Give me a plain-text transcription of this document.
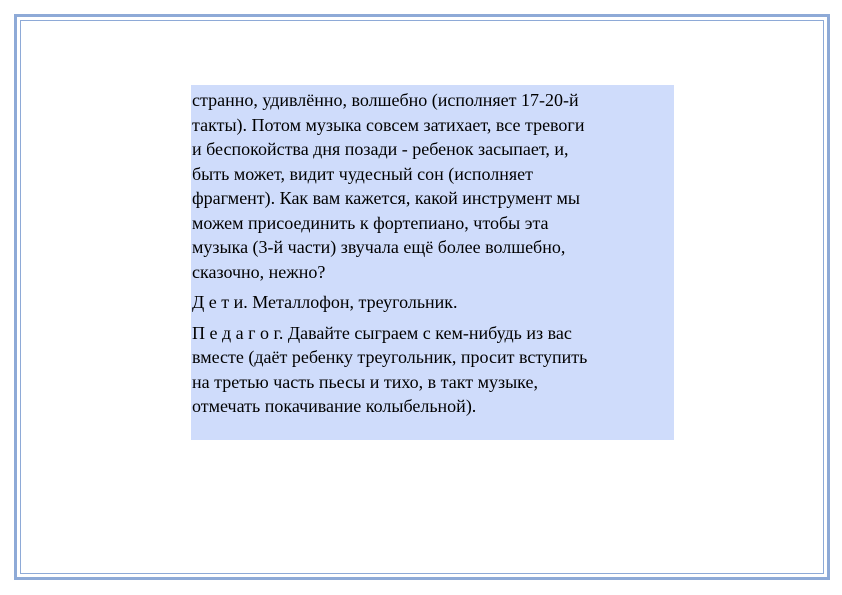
странно, удивлённо, волшебно (исполняет 17-20-й
такты). Потом музыка совсем затихает, все тревоги
и беспокойства дня позади - ребенок засыпает, и,
быть может, видит чудесный сон (исполняет
фрагмент). Как вам кажется, какой инструмент мы
можем присоединить к фортепиано, чтобы эта
музыка (3-й части) звучала ещё более волшебно,
сказочно, нежно?

Д е т и. Металлофон, треугольник.

П е д а г о г. Давайте сыграем с кем-нибудь из вас
вместе (даёт ребенку треугольник, просит вступить
на третью часть пьесы и тихо, в такт музыке,
отмечать покачивание колыбельной).
